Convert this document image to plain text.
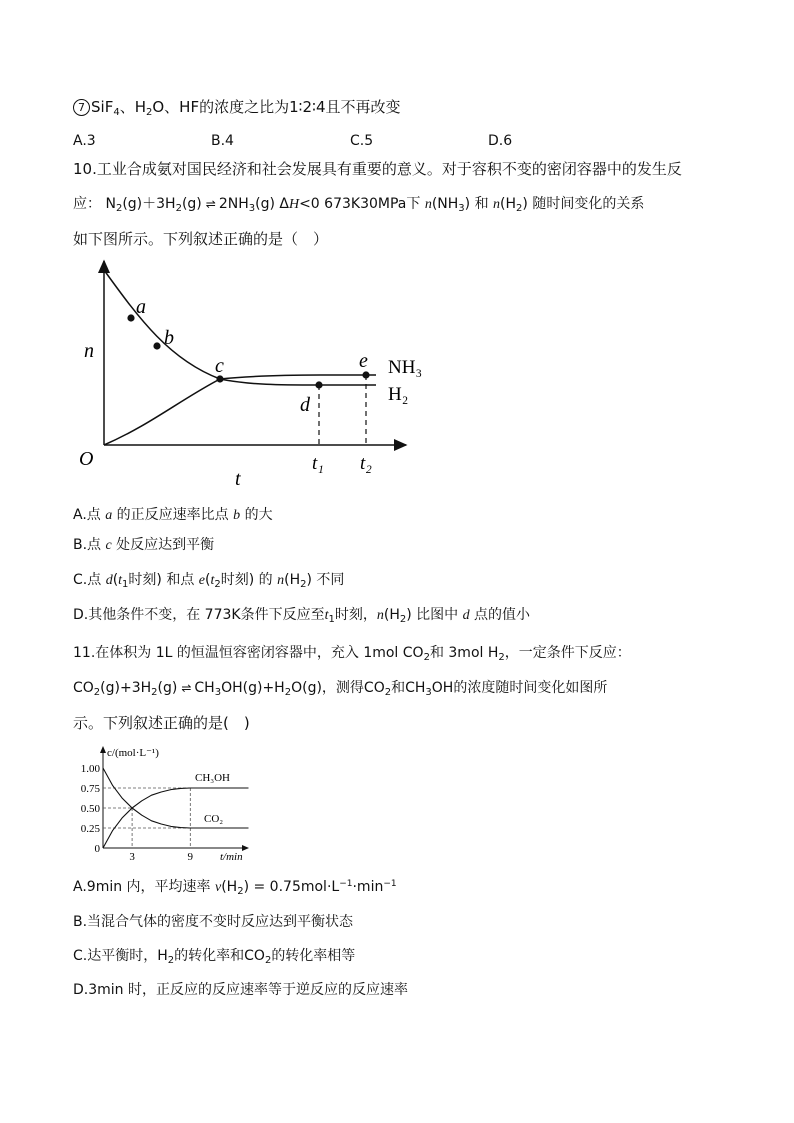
7 SiF$_4$、$H_2O$、HF的浓度之比为1∶2∶4且不再改变
A.3	B.4	C.5	D.6
10.工业合成氨对国民经济和社会发展具有重要的意义。对于容积不变的密闭容器中的发生反
应： $N_2(g)+3H_2(g)$ ⇌ $2NH_3(g)$ ΔH<0 673K30MPa下 $n(NH_3)$ 和 $n(H_2)$ 随时间变化的关系
如下图所示。下列叙述正确的是（　）
a
b
c
d
e
n
t
O	t₁ t₂
NH₃
H₂
A.点 a 的正反应速率比点 b 的大
B.点 c 处反应达到平衡
C.点 $d(t_1$时刻) 和点 $e(t_2$时刻) 的 $n(H_2)$ 不同
D.其他条件不变，在 773K条件下反应至$t_1$时刻，$n(H_2)$ 比图中 d 点的值小
11.在体积为 1L 的恒温恒容密闭容器中，充入 1mol $CO_2$和 3mol $H_2$，一定条件下反应：
$CO_2(g)+3H_2(g)$ ⇌ $CH_3OH(g)+H_2O(g)$，测得$CO_2$和$CH_3OH$的浓度随时间变化如图所
示。下列叙述正确的是(　)
0
0.25
0.50
0.75
1.00
3	9
c/(mol·L⁻¹)
t/min
CH₃OH
CO₂
A.9min 内，平均速率 $v(H_2) = 0.75mol\cdot L^{-1}\cdot\min^{-1}$
B.当混合气体的密度不变时反应达到平衡状态
C.达平衡时，$H_2$的转化率和$CO_2$的转化率相等
D.3min 时，正反应的反应速率等于逆反应的反应速率
